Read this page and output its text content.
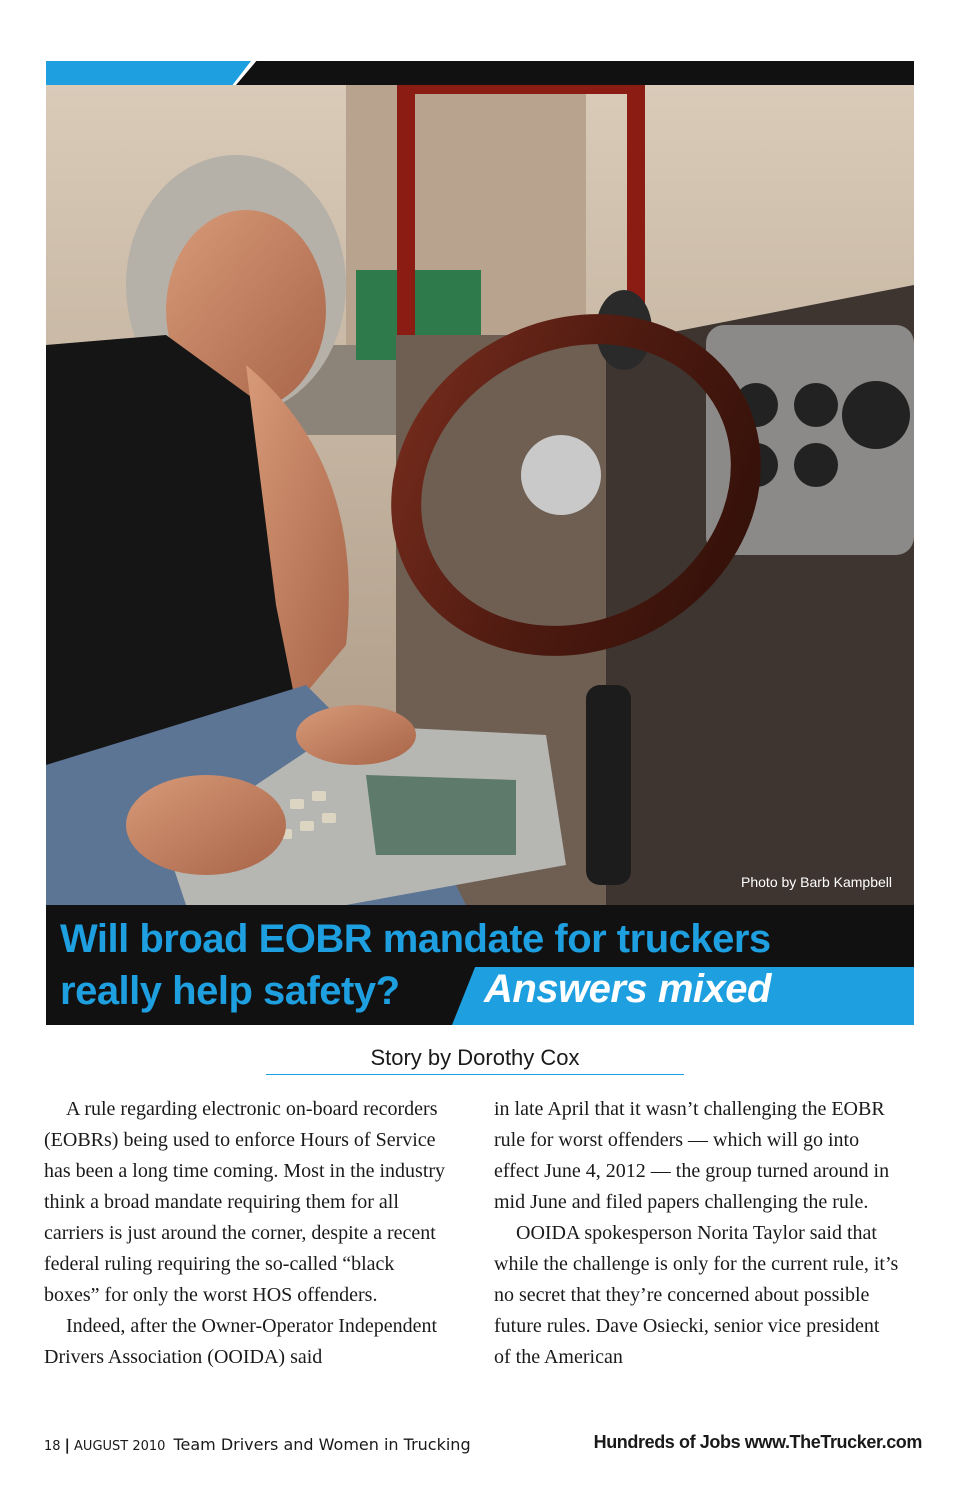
Photo by Barb Kampbell
Will broad EOBR mandate for truckers
really help safety? Answers mixed
Story by Dorothy Cox

A rule regarding electronic on-board recorders (EOBRs) being used to enforce Hours of Service has been a long time coming. Most in the industry think a broad mandate requiring them for all carriers is just around the corner, despite a recent federal ruling requiring the so-called “black boxes” for only the worst HOS offenders.

Indeed, after the Owner-Operator Independent Drivers Association (OOIDA) said

in late April that it wasn’t challenging the EOBR rule for worst offenders — which will go into effect June 4, 2012 — the group turned around in mid June and filed papers challenging the rule.

OOIDA spokesperson Norita Taylor said that while the challenge is only for the current rule, it’s no secret that they’re concerned about possible future rules. Dave Osiecki, senior vice president of the American

18 | AUGUST 2010 Team Drivers and Women in Trucking	Hundreds of Jobs www.TheTrucker.com
